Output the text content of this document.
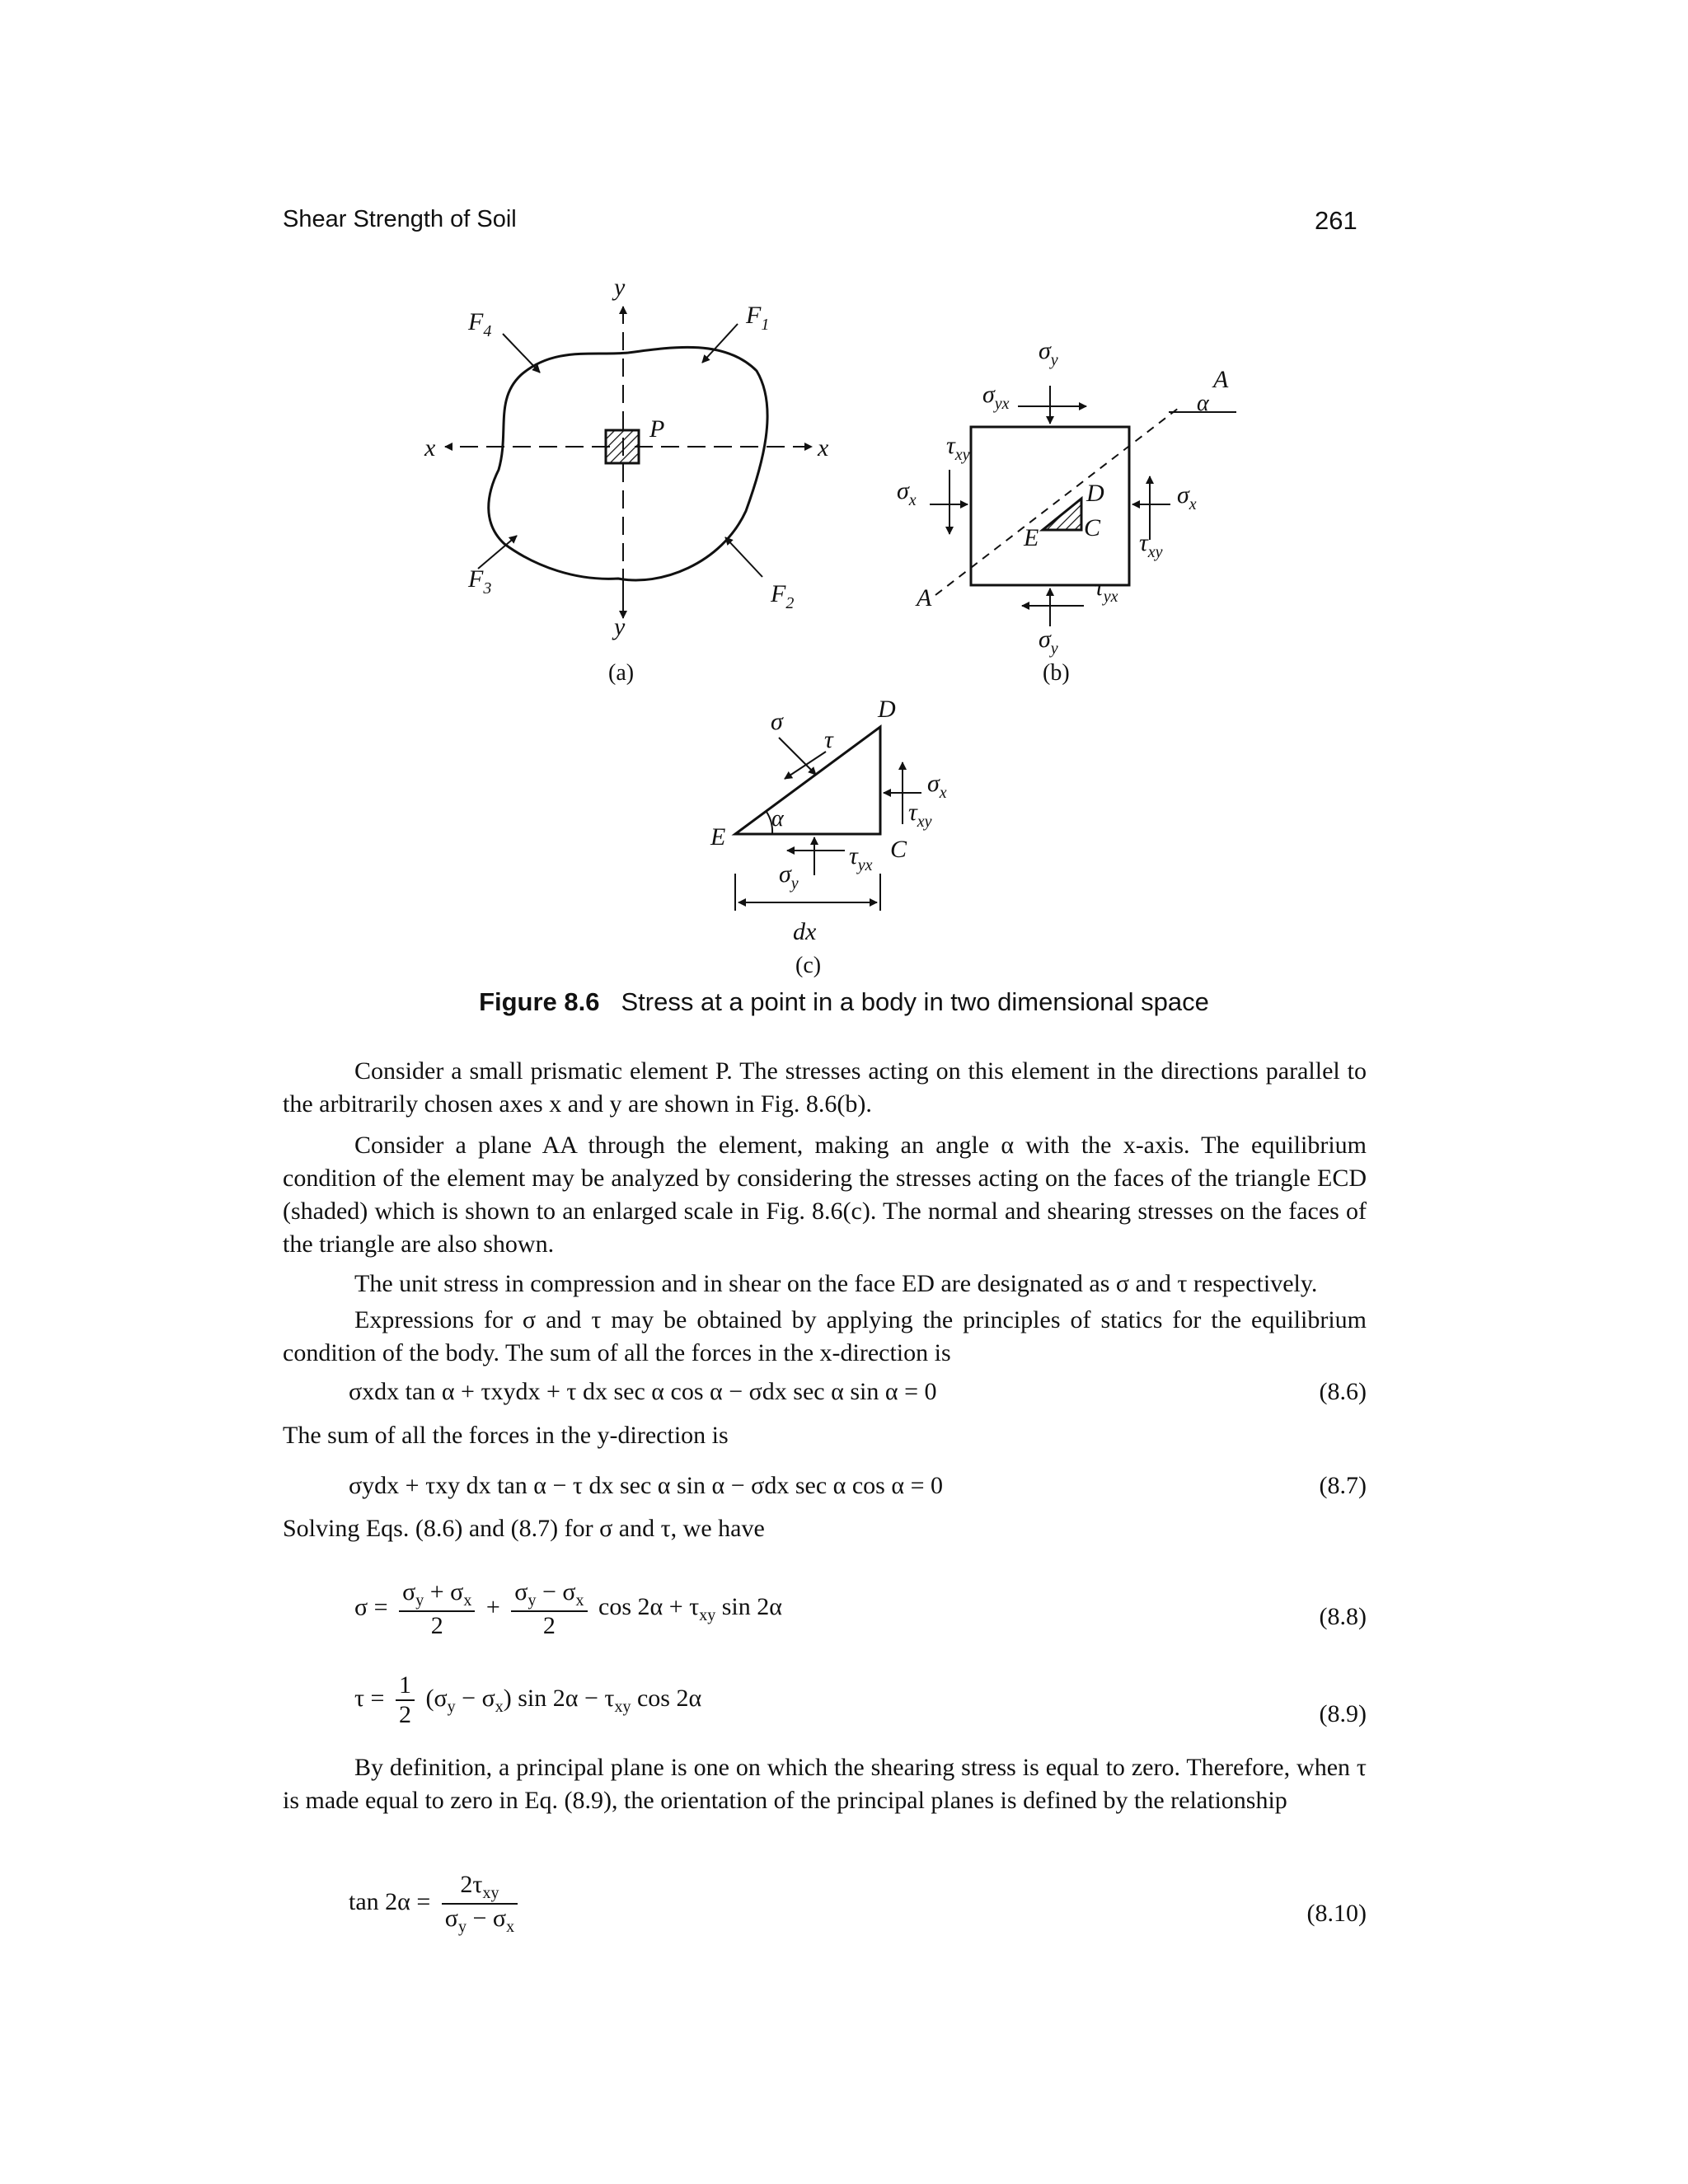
Shear Strength of Soil	261
y
y
x	x
P
$F_1$
$F_2$
$F_3$
$F_4$
(a)
$\sigma_y$
$\sigma_{yx}$
$\tau_{xy}$
$\sigma_x$	$\sigma_x$
$\tau_{xy}$
$\tau_{yx}$
$\sigma_y$
A
α
A
D
E C
(b)
σ
τ
D
E	C
α
$\sigma_x$
$\tau_{xy}$
$\tau_{yx}$
$\sigma_y$
dx
(c)
Figure 8.6 Stress at a point in a body in two dimensional space

Consider a small prismatic element P. The stresses acting on this element in the directions parallel to the arbitrarily chosen axes x and y are shown in Fig. 8.6(b).

Consider a plane AA through the element, making an angle α with the x-axis. The equilibrium condition of the element may be analyzed by considering the stresses acting on the faces of the triangle ECD (shaded) which is shown to an enlarged scale in Fig. 8.6(c). The normal and shearing stresses on the faces of the triangle are also shown.

The unit stress in compression and in shear on the face ED are designated as σ and τ respectively.

Expressions for σ and τ may be obtained by applying the principles of statics for the equilibrium condition of the body. The sum of all the forces in the x-direction is

σxdx tan α + τxydx + τ dx sec α cos α − σdx sec α sin α = 0	(8.6)
The sum of all the forces in the y-direction is
σydx + τxy dx tan α − τ dx sec α sin α − σdx sec α cos α = 0	(8.7)
Solving Eqs. (8.6) and (8.7) for σ and τ, we have
$\sigma = \frac{\sigma_y + \sigma_x}{2} + \frac{\sigma_y - \sigma_x}{2}$ $\cos 2\alpha + \tau_{xy}$ sin 2α	(8.8)
$\tau = \frac{1}{2} (\sigma_y - \sigma_x)$ $\sin 2\alpha - \tau_{xy}$ cos 2α
(8.9)

By definition, a principal plane is one on which the shearing stress is equal to zero. Therefore, when τ is made equal to zero in Eq. (8.9), the orientation of the principal planes is defined by the relationship

$\tan 2\alpha = \frac{2\tau_{xy}}{\sigma_y - \sigma_x}$	(8.10)
